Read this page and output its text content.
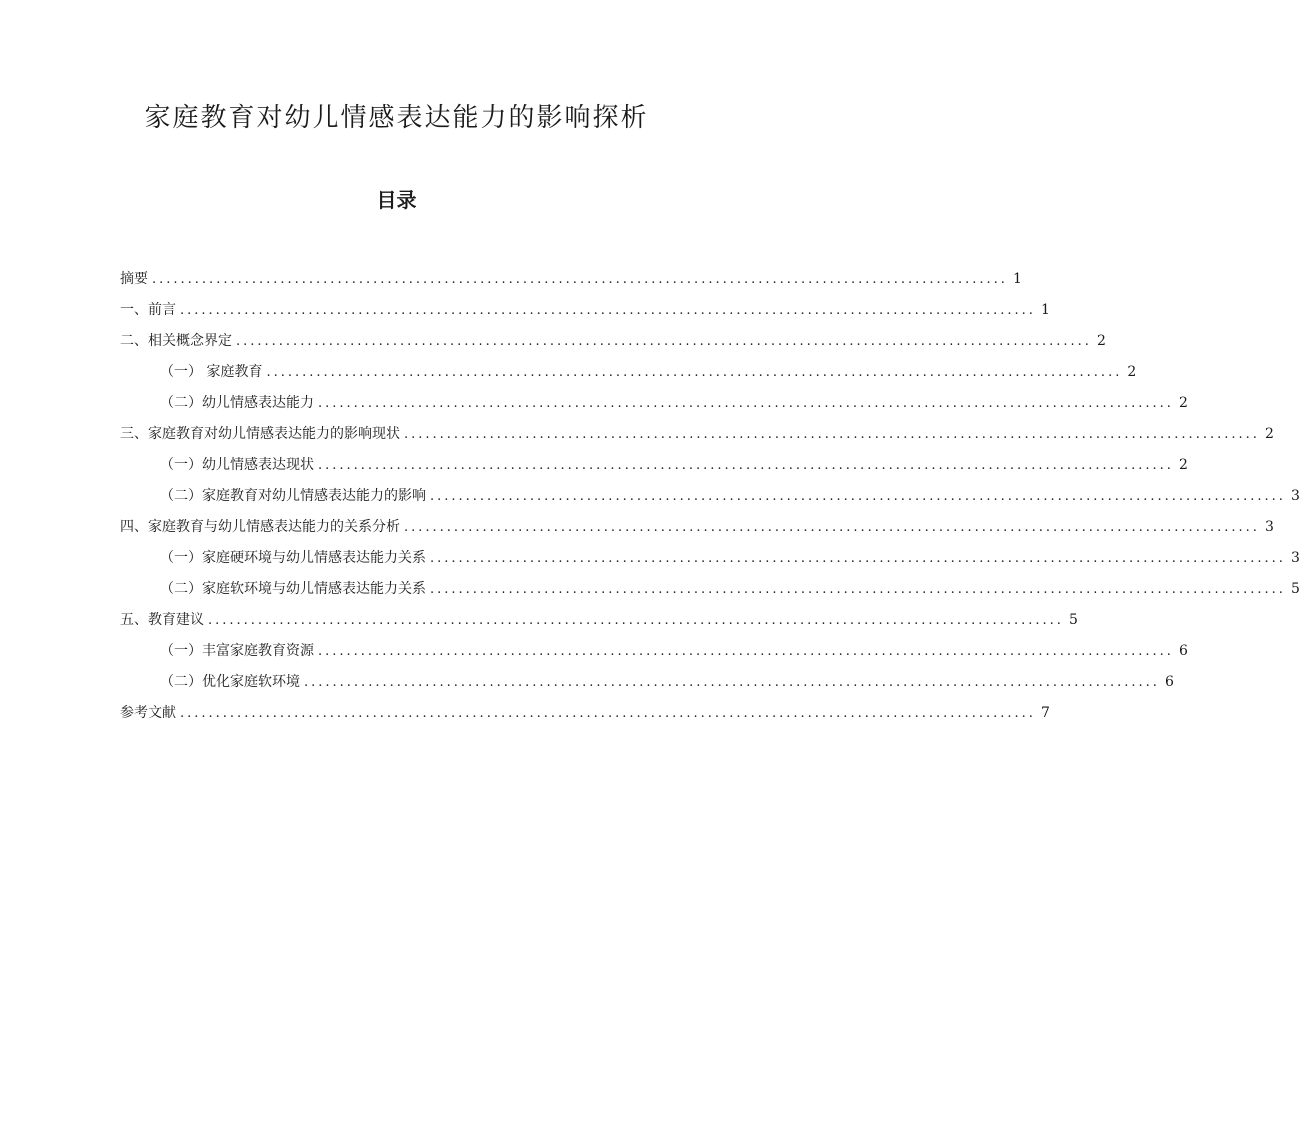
家庭教育对幼儿情感表达能力的影响探析
目录
摘要 ........................................................................................................................ 1
一、前言 ........................................................................................................................ 1
二、相关概念界定 ........................................................................................................................ 2
（一） 家庭教育 ........................................................................................................................ 2
（二）幼儿情感表达能力 ........................................................................................................................ 2
三、家庭教育对幼儿情感表达能力的影响现状 ........................................................................................................................ 2
（一）幼儿情感表达现状 ........................................................................................................................ 2
（二）家庭教育对幼儿情感表达能力的影响 ........................................................................................................................ 3
四、家庭教育与幼儿情感表达能力的关系分析 ........................................................................................................................ 3
（一）家庭硬环境与幼儿情感表达能力关系 ........................................................................................................................ 3
（二）家庭软环境与幼儿情感表达能力关系 ........................................................................................................................ 5
五、教育建议 ........................................................................................................................ 5
（一）丰富家庭教育资源 ........................................................................................................................ 6
（二）优化家庭软环境 ........................................................................................................................ 6
参考文献 ........................................................................................................................ 7
